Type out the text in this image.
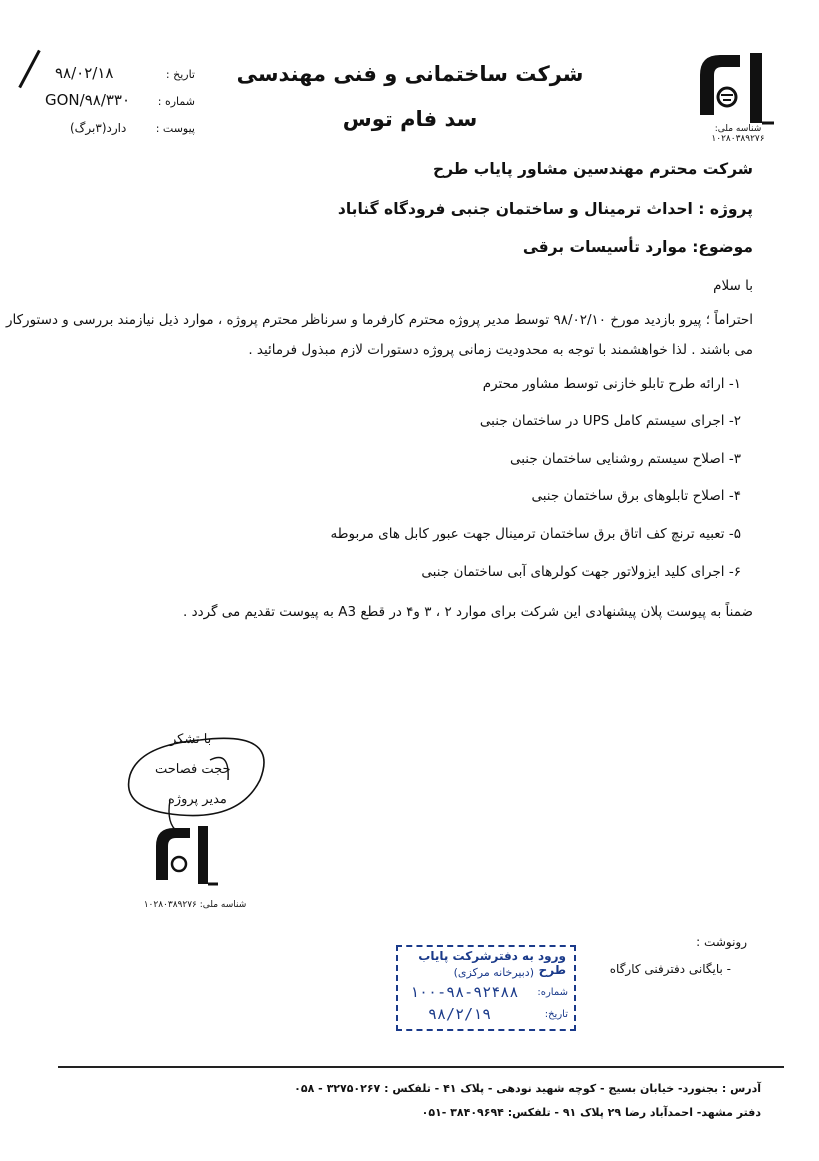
تاریخ :
۹۸/۰۲/۱۸
شماره :
GON/۹۸/۳۳۰
پیوست :
دارد(۳برگ)
شرکت ساختمانی و فنی مهندسی
سد فام توس	شناسه ملی: ۱۰۲۸۰۳۸۹۲۷۶
شرکت محترم مهندسین مشاور پایاب طرح
پروژه : احداث ترمینال و ساختمان جنبی فرودگاه گناباد
موضوع: موارد تأسیسات برقی
با سلام
احتراماً ؛ پیرو بازدید مورخ ۹۸/۰۲/۱۰ توسط مدیر پروژه محترم کارفرما و سرناظر محترم پروژه ، موارد ذیل نیازمند بررسی و دستورکار
می باشند . لذا خواهشمند با توجه به محدودیت زمانی پروژه دستورات لازم مبذول فرمائید .
۱- ارائه طرح تابلو خازنی توسط مشاور محترم
۲- اجرای سیستم کامل UPS در ساختمان جنبی
۳- اصلاح سیستم روشنایی ساختمان جنبی
۴- اصلاح تابلوهای برق ساختمان جنبی
۵- تعبیه ترنچ کف اتاق برق ساختمان ترمینال جهت عبور کابل های مربوطه
۶- اجرای کلید ایزولاتور جهت کولرهای آبی ساختمان جنبی
ضمناً به پیوست پلان پیشنهادی این شرکت برای موارد ۲ ، ۳ و۴ در قطع A3 به پیوست تقدیم می گردد .
با تشکر
حجت فصاحت
مدیر پروژه
شناسه ملی: ۱۰۲۸۰۳۸۹۲۷۶
رونوشت :
- بایگانی دفترفنی کارگاه
ورود به دفترشرکت پایاب طرح
(دبیرخانه مرکزی)
شماره:
۱۰۰-۹۸-۹۲۴۸۸
تاریخ:
۹۸/۲/۱۹
آدرس : بجنورد- خیابان بسیج - کوچه شهید نودهی - پلاک ۴۱ - تلفکس : ۳۲۷۵۰۲۶۷ - ۰۵۸
دفتر مشهد- احمدآباد رضا ۲۹ پلاک ۹۱ - تلفکس: ۳۸۴۰۹۶۹۴ -۰۵۱
